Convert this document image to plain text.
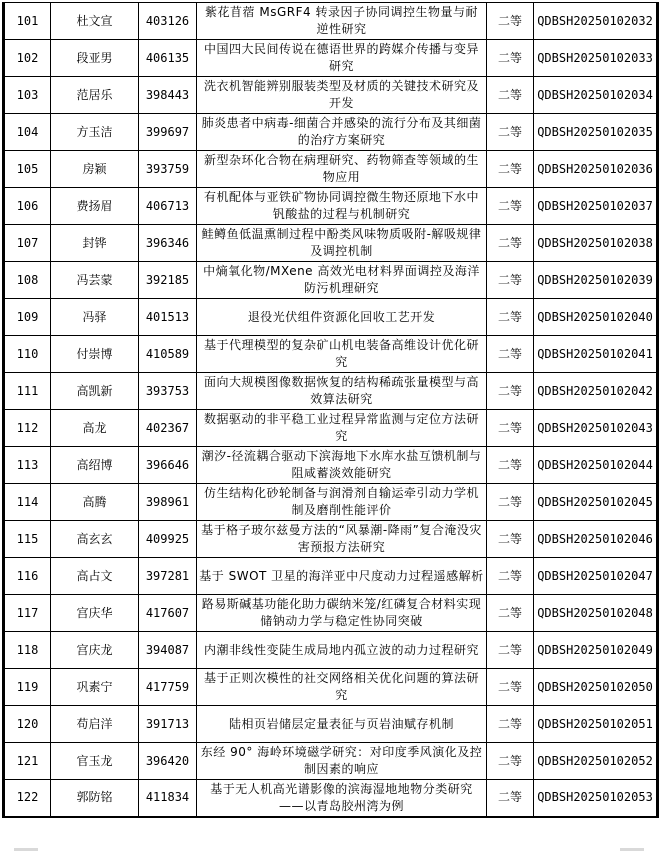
101	杜文宣	403126	紫花苜蓿 MsGRF4 转录因子协同调控生物量与耐逆性研究	二等	QDBSH20250102032
102	段亚男	406135	中国四大民间传说在德语世界的跨媒介传播与变异研究	二等	QDBSH20250102033
103	范居乐	398443	洗衣机智能辨别服装类型及材质的关键技术研究及开发	二等	QDBSH20250102034
104	方玉洁	399697	肺炎患者中病毒-细菌合并感染的流行分布及其细菌的治疗方案研究	二等	QDBSH20250102035
105	房颖	393759	新型杂环化合物在病理研究、药物筛查等领域的生物应用	二等	QDBSH20250102036
106	费扬眉	406713	有机配体与亚铁矿物协同调控微生物还原地下水中钒酸盐的过程与机制研究	二等	QDBSH20250102037
107	封铧	396346	鲑鳟鱼低温熏制过程中酚类风味物质吸附-解吸规律及调控机制	二等	QDBSH20250102038
108	冯芸蒙	392185	中熵氧化物/MXene 高效光电材料界面调控及海洋防污机理研究	二等	QDBSH20250102039
109	冯驿	401513	退役光伏组件资源化回收工艺开发	二等	QDBSH20250102040
110	付崇博	410589	基于代理模型的复杂矿山机电装备高维设计优化研究	二等	QDBSH20250102041
111	高凯新	393753	面向大规模图像数据恢复的结构稀疏张量模型与高效算法研究	二等	QDBSH20250102042
112	高龙	402367	数据驱动的非平稳工业过程异常监测与定位方法研究	二等	QDBSH20250102043
113	高绍博	396646	潮汐-径流耦合驱动下滨海地下水库水盐互馈机制与阻咸蓄淡效能研究	二等	QDBSH20250102044
114	高腾	398961	仿生结构化砂轮制备与润滑剂自输运牵引动力学机制及磨削性能评价	二等	QDBSH20250102045
115	高玄玄	409925	基于格子玻尔兹曼方法的“风暴潮-降雨”复合淹没灾害预报方法研究	二等	QDBSH20250102046
116	高占文	397281	基于 SWOT 卫星的海洋亚中尺度动力过程遥感解析	二等	QDBSH20250102047
117	宫庆华	417607	路易斯碱基功能化助力碳纳米笼/红磷复合材料实现储钠动力学与稳定性协同突破	二等	QDBSH20250102048
118	宫庆龙	394087	内潮非线性变陡生成局地内孤立波的动力过程研究	二等	QDBSH20250102049
119	巩素宁	417759	基于正则次模性的社交网络相关优化问题的算法研究	二等	QDBSH20250102050
120	苟启洋	391713	陆相页岩储层定量表征与页岩油赋存机制	二等	QDBSH20250102051
121	官玉龙	396420	东经 90° 海岭环境磁学研究：对印度季风演化及控制因素的响应	二等	QDBSH20250102052
122	郭防铭	411834	基于无人机高光谱影像的滨海湿地地物分类研究——以青岛胶州湾为例	二等	QDBSH20250102053
